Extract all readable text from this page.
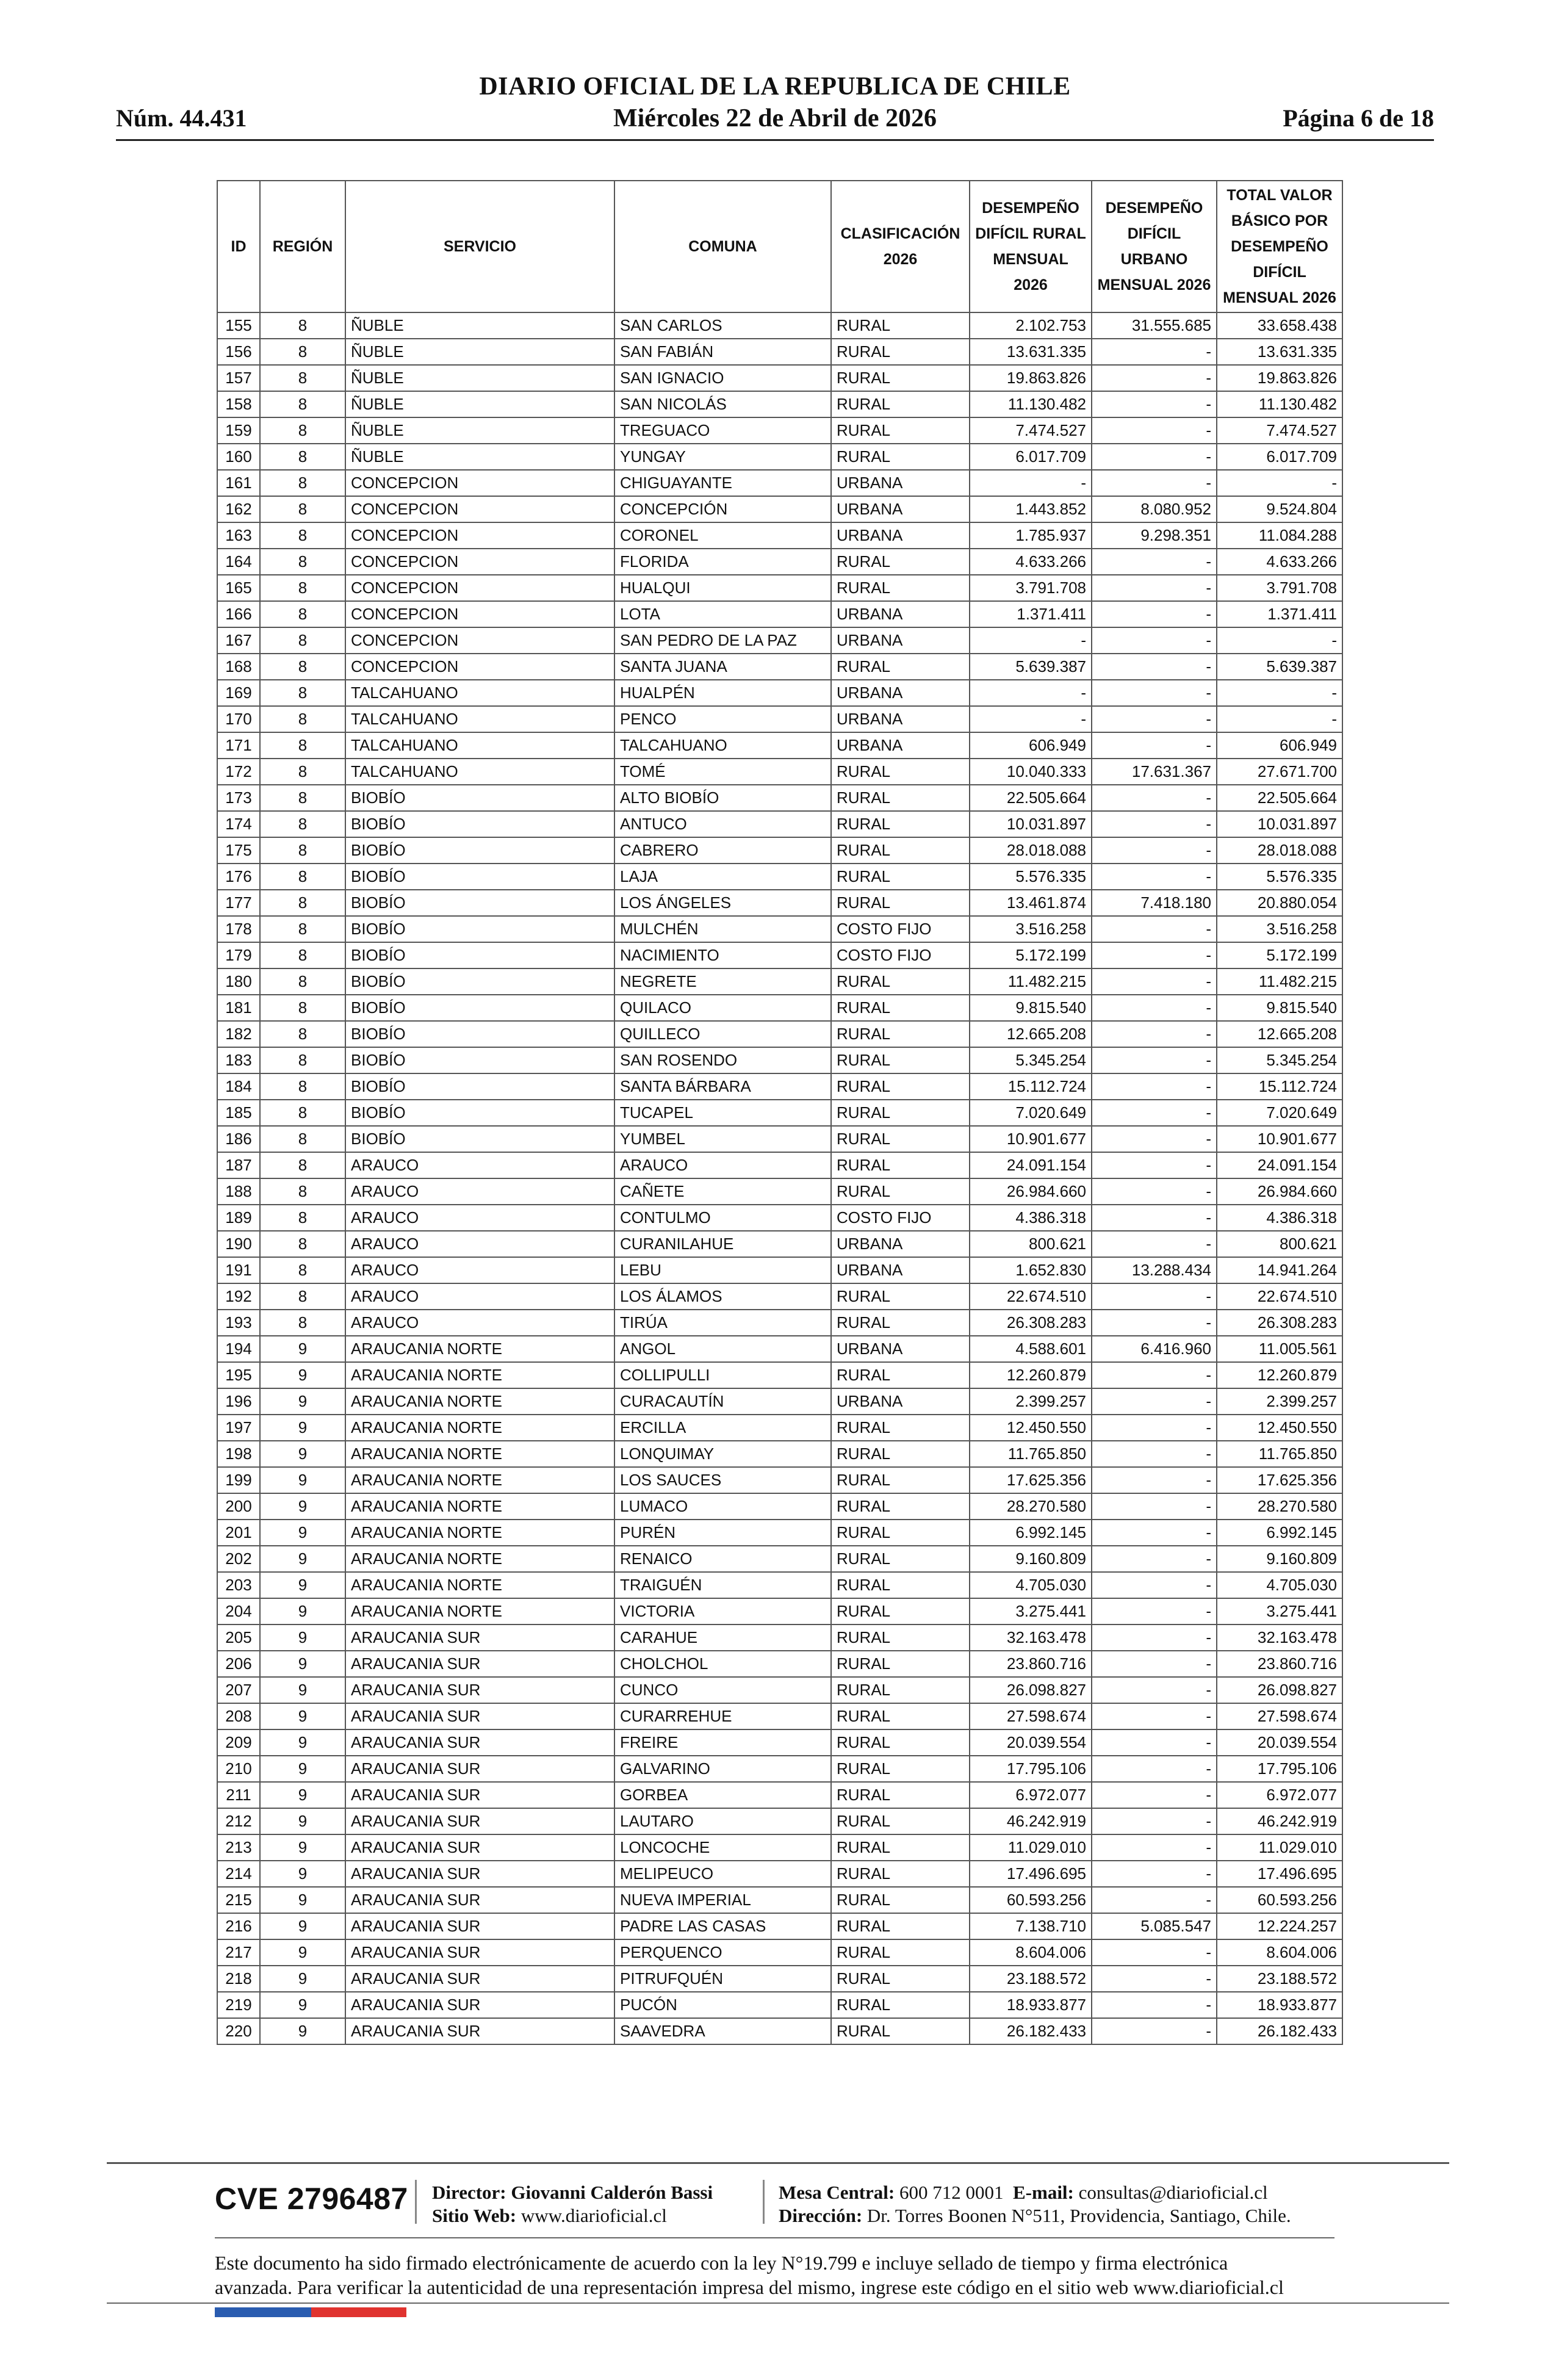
DIARIO OFICIAL DE LA REPUBLICA DE CHILE
Núm. 44.431	Miércoles 22 de Abril de 2026	Página 6 de 18
ID	REGIÓN	SERVICIO	COMUNA	CLASIFICACIÓN 2026	DESEMPEÑO DIFÍCIL RURAL MENSUAL 2026	DESEMPEÑO DIFÍCIL URBANO MENSUAL 2026	TOTAL VALOR BÁSICO POR DESEMPEÑO DIFÍCIL MENSUAL 2026
155	8	ÑUBLE	SAN CARLOS	RURAL	2.102.753	31.555.685	33.658.438
156	8	ÑUBLE	SAN FABIÁN	RURAL	13.631.335	-	13.631.335
157	8	ÑUBLE	SAN IGNACIO	RURAL	19.863.826	-	19.863.826
158	8	ÑUBLE	SAN NICOLÁS	RURAL	11.130.482	-	11.130.482
159	8	ÑUBLE	TREGUACO	RURAL	7.474.527	-	7.474.527
160	8	ÑUBLE	YUNGAY	RURAL	6.017.709	-	6.017.709
161	8	CONCEPCION	CHIGUAYANTE	URBANA	-	-	-
162	8	CONCEPCION	CONCEPCIÓN	URBANA	1.443.852	8.080.952	9.524.804
163	8	CONCEPCION	CORONEL	URBANA	1.785.937	9.298.351	11.084.288
164	8	CONCEPCION	FLORIDA	RURAL	4.633.266	-	4.633.266
165	8	CONCEPCION	HUALQUI	RURAL	3.791.708	-	3.791.708
166	8	CONCEPCION	LOTA	URBANA	1.371.411	-	1.371.411
167	8	CONCEPCION	SAN PEDRO DE LA PAZ	URBANA	-	-	-
168	8	CONCEPCION	SANTA JUANA	RURAL	5.639.387	-	5.639.387
169	8	TALCAHUANO	HUALPÉN	URBANA	-	-	-
170	8	TALCAHUANO	PENCO	URBANA	-	-	-
171	8	TALCAHUANO	TALCAHUANO	URBANA	606.949	-	606.949
172	8	TALCAHUANO	TOMÉ	RURAL	10.040.333	17.631.367	27.671.700
173	8	BIOBÍO	ALTO BIOBÍO	RURAL	22.505.664	-	22.505.664
174	8	BIOBÍO	ANTUCO	RURAL	10.031.897	-	10.031.897
175	8	BIOBÍO	CABRERO	RURAL	28.018.088	-	28.018.088
176	8	BIOBÍO	LAJA	RURAL	5.576.335	-	5.576.335
177	8	BIOBÍO	LOS ÁNGELES	RURAL	13.461.874	7.418.180	20.880.054
178	8	BIOBÍO	MULCHÉN	COSTO FIJO	3.516.258	-	3.516.258
179	8	BIOBÍO	NACIMIENTO	COSTO FIJO	5.172.199	-	5.172.199
180	8	BIOBÍO	NEGRETE	RURAL	11.482.215	-	11.482.215
181	8	BIOBÍO	QUILACO	RURAL	9.815.540	-	9.815.540
182	8	BIOBÍO	QUILLECO	RURAL	12.665.208	-	12.665.208
183	8	BIOBÍO	SAN ROSENDO	RURAL	5.345.254	-	5.345.254
184	8	BIOBÍO	SANTA BÁRBARA	RURAL	15.112.724	-	15.112.724
185	8	BIOBÍO	TUCAPEL	RURAL	7.020.649	-	7.020.649
186	8	BIOBÍO	YUMBEL	RURAL	10.901.677	-	10.901.677
187	8	ARAUCO	ARAUCO	RURAL	24.091.154	-	24.091.154
188	8	ARAUCO	CAÑETE	RURAL	26.984.660	-	26.984.660
189	8	ARAUCO	CONTULMO	COSTO FIJO	4.386.318	-	4.386.318
190	8	ARAUCO	CURANILAHUE	URBANA	800.621	-	800.621
191	8	ARAUCO	LEBU	URBANA	1.652.830	13.288.434	14.941.264
192	8	ARAUCO	LOS ÁLAMOS	RURAL	22.674.510	-	22.674.510
193	8	ARAUCO	TIRÚA	RURAL	26.308.283	-	26.308.283
194	9	ARAUCANIA NORTE	ANGOL	URBANA	4.588.601	6.416.960	11.005.561
195	9	ARAUCANIA NORTE	COLLIPULLI	RURAL	12.260.879	-	12.260.879
196	9	ARAUCANIA NORTE	CURACAUTÍN	URBANA	2.399.257	-	2.399.257
197	9	ARAUCANIA NORTE	ERCILLA	RURAL	12.450.550	-	12.450.550
198	9	ARAUCANIA NORTE	LONQUIMAY	RURAL	11.765.850	-	11.765.850
199	9	ARAUCANIA NORTE	LOS SAUCES	RURAL	17.625.356	-	17.625.356
200	9	ARAUCANIA NORTE	LUMACO	RURAL	28.270.580	-	28.270.580
201	9	ARAUCANIA NORTE	PURÉN	RURAL	6.992.145	-	6.992.145
202	9	ARAUCANIA NORTE	RENAICO	RURAL	9.160.809	-	9.160.809
203	9	ARAUCANIA NORTE	TRAIGUÉN	RURAL	4.705.030	-	4.705.030
204	9	ARAUCANIA NORTE	VICTORIA	RURAL	3.275.441	-	3.275.441
205	9	ARAUCANIA SUR	CARAHUE	RURAL	32.163.478	-	32.163.478
206	9	ARAUCANIA SUR	CHOLCHOL	RURAL	23.860.716	-	23.860.716
207	9	ARAUCANIA SUR	CUNCO	RURAL	26.098.827	-	26.098.827
208	9	ARAUCANIA SUR	CURARREHUE	RURAL	27.598.674	-	27.598.674
209	9	ARAUCANIA SUR	FREIRE	RURAL	20.039.554	-	20.039.554
210	9	ARAUCANIA SUR	GALVARINO	RURAL	17.795.106	-	17.795.106
211	9	ARAUCANIA SUR	GORBEA	RURAL	6.972.077	-	6.972.077
212	9	ARAUCANIA SUR	LAUTARO	RURAL	46.242.919	-	46.242.919
213	9	ARAUCANIA SUR	LONCOCHE	RURAL	11.029.010	-	11.029.010
214	9	ARAUCANIA SUR	MELIPEUCO	RURAL	17.496.695	-	17.496.695
215	9	ARAUCANIA SUR	NUEVA IMPERIAL	RURAL	60.593.256	-	60.593.256
216	9	ARAUCANIA SUR	PADRE LAS CASAS	RURAL	7.138.710	5.085.547	12.224.257
217	9	ARAUCANIA SUR	PERQUENCO	RURAL	8.604.006	-	8.604.006
218	9	ARAUCANIA SUR	PITRUFQUÉN	RURAL	23.188.572	-	23.188.572
219	9	ARAUCANIA SUR	PUCÓN	RURAL	18.933.877	-	18.933.877
220	9	ARAUCANIA SUR	SAAVEDRA	RURAL	26.182.433	-	26.182.433
CVE 2796487 Director: Giovanni Calderón Bassi
Sitio Web: www.diarioficial.cl
Mesa Central: 600 712 0001 E-mail: consultas@diarioficial.cl
Dirección: Dr. Torres Boonen N°511, Providencia, Santiago, Chile.
Este documento ha sido firmado electrónicamente de acuerdo con la ley N°19.799 e incluye sellado de tiempo y firma electrónica
avanzada. Para verificar la autenticidad de una representación impresa del mismo, ingrese este código en el sitio web www.diarioficial.cl
